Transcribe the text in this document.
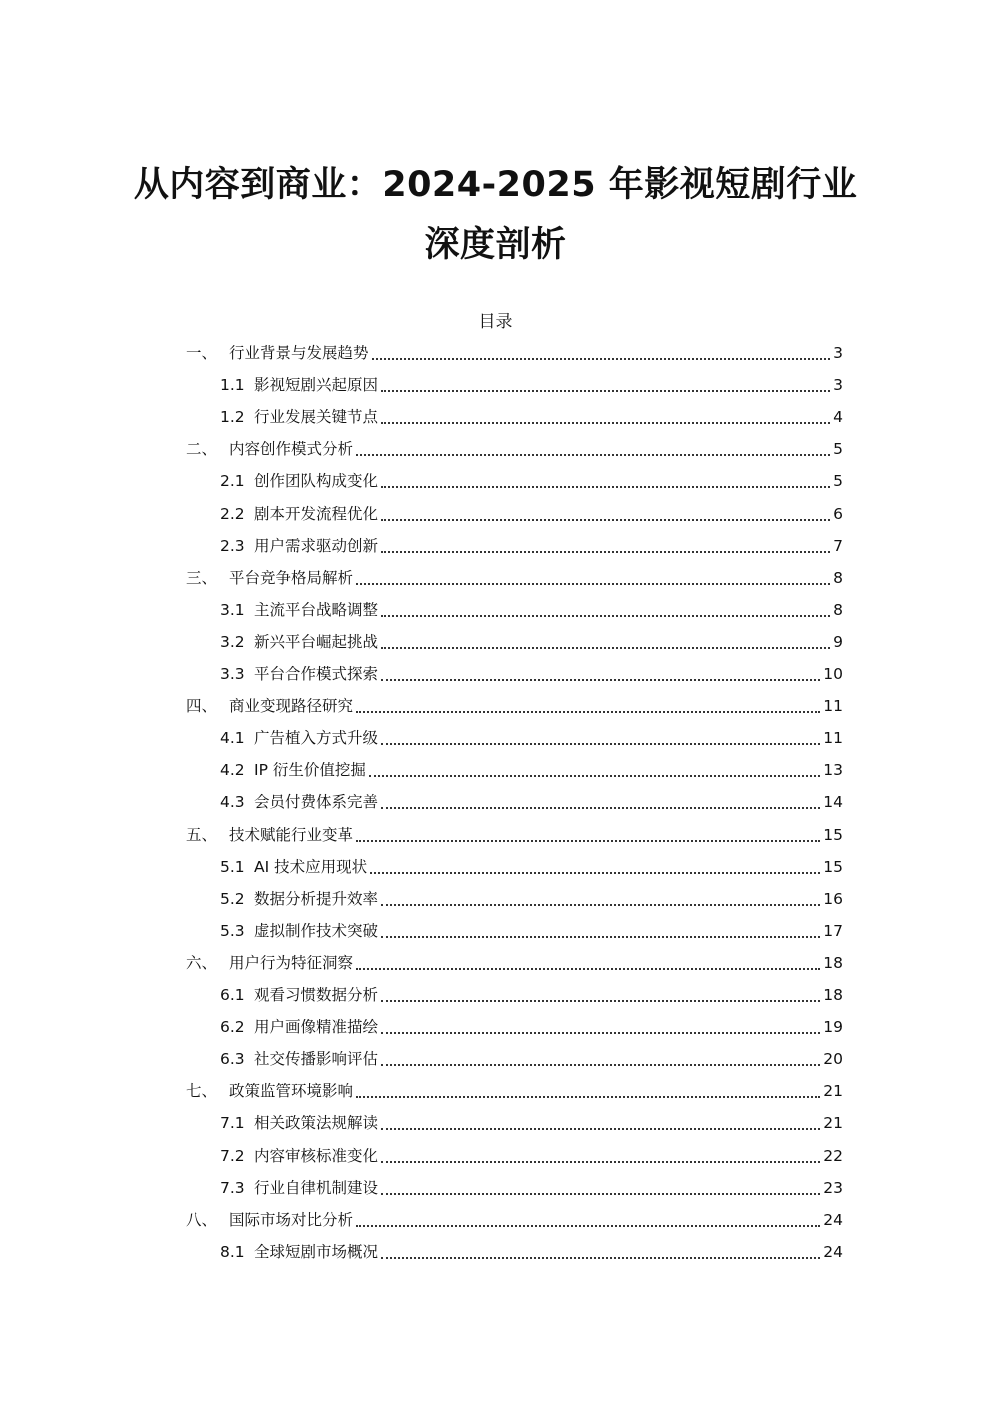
从内容到商业：2024-2025 年影视短剧行业
深度剖析
目录
一、 行业背景与发展趋势	3
1.1 影视短剧兴起原因	3
1.2 行业发展关键节点	4
二、 内容创作模式分析	5
2.1 创作团队构成变化	5
2.2 剧本开发流程优化	6
2.3 用户需求驱动创新	7
三、 平台竞争格局解析	8
3.1 主流平台战略调整	8
3.2 新兴平台崛起挑战	9
3.3 平台合作模式探索	10
四、 商业变现路径研究	11
4.1 广告植入方式升级	11
4.2 IP 衍生价值挖掘	13
4.3 会员付费体系完善	14
五、 技术赋能行业变革	15
5.1 AI 技术应用现状	15
5.2 数据分析提升效率	16
5.3 虚拟制作技术突破	17
六、 用户行为特征洞察	18
6.1 观看习惯数据分析	18
6.2 用户画像精准描绘	19
6.3 社交传播影响评估	20
七、 政策监管环境影响	21
7.1 相关政策法规解读	21
7.2 内容审核标准变化	22
7.3 行业自律机制建设	23
八、 国际市场对比分析	24
8.1 全球短剧市场概况	24
